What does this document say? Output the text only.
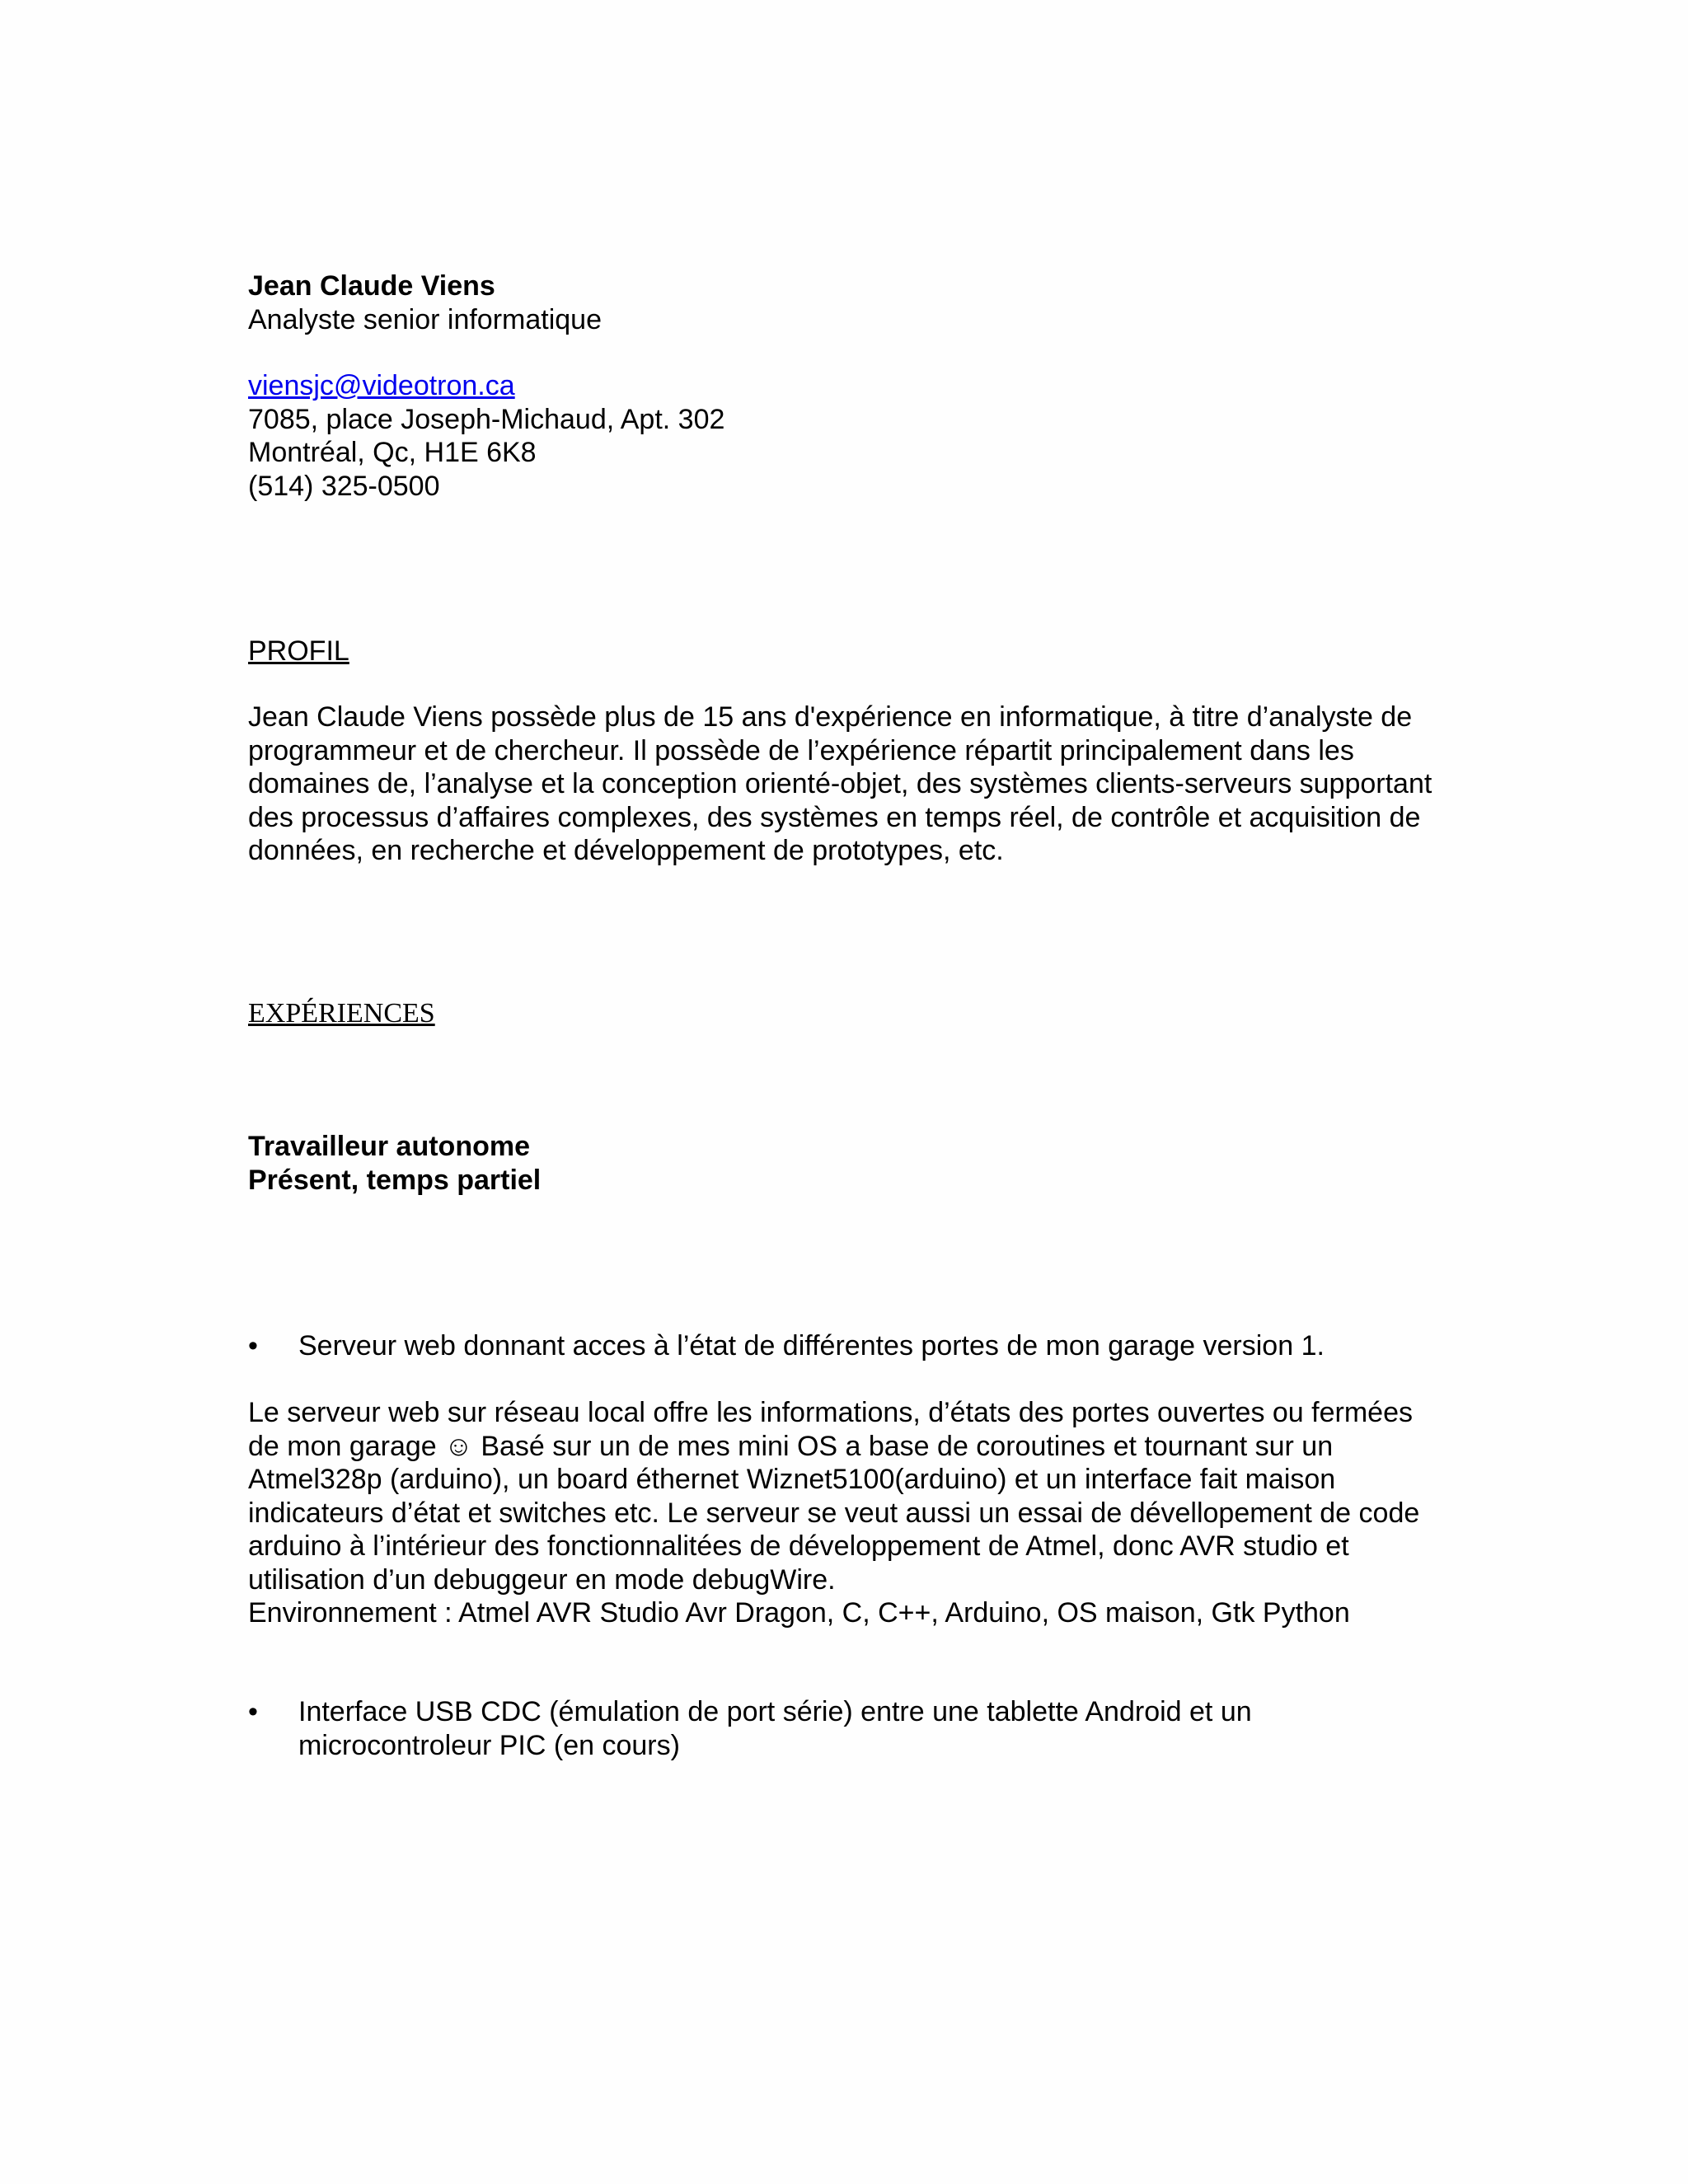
Jean Claude Viens
Analyste senior informatique
viensjc@videotron.ca
7085, place Joseph-Michaud, Apt. 302
Montréal, Qc, H1E 6K8
(514) 325-0500
PROFIL
Jean Claude Viens possède plus de 15 ans d'expérience en informatique, à titre d’analyste de
programmeur et de chercheur. Il possède de l’expérience répartit principalement dans les
domaines de, l’analyse et la conception orienté-objet, des systèmes clients-serveurs supportant
des processus d’affaires complexes, des systèmes en temps réel, de contrôle et acquisition de
données, en recherche et développement de prototypes, etc.
EXPÉRIENCES
Travailleur autonome
Présent, temps partiel
•	Serveur web donnant acces à l’état de différentes portes de mon garage version 1.
Le serveur web sur réseau local offre les informations, d’états des portes ouvertes ou fermées
de mon garage ☺ Basé sur un de mes mini OS a base de coroutines et tournant sur un
Atmel328p (arduino), un board éthernet Wiznet5100(arduino) et un interface fait maison
indicateurs d’état et switches etc. Le serveur se veut aussi un essai de dévellopement de code
arduino à l’intérieur des fonctionnalitées de développement de Atmel, donc AVR studio et
utilisation d’un debuggeur en mode debugWire.
Environnement : Atmel AVR Studio Avr Dragon, C, C++, Arduino, OS maison, Gtk Python
•	Interface USB CDC (émulation de port série) entre une tablette Android et un
microcontroleur PIC (en cours)
